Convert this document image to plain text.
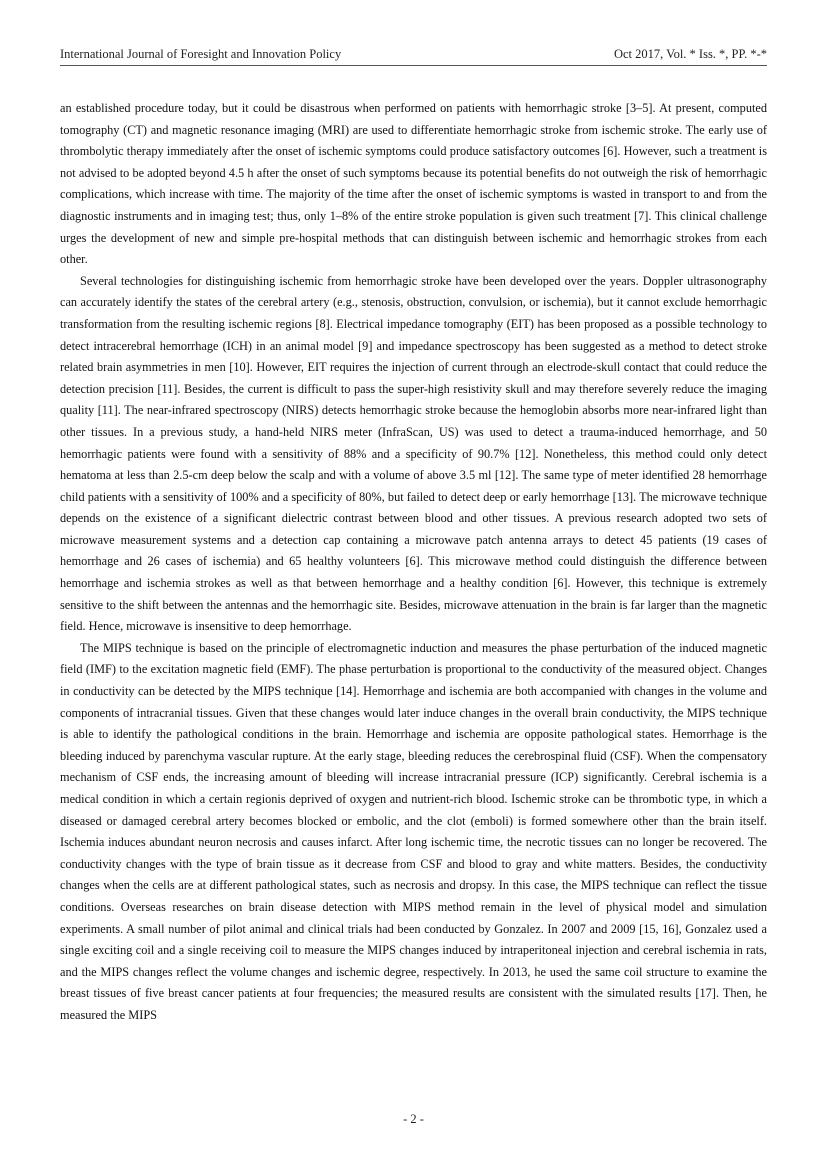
International Journal of Foresight and Innovation Policy	Oct 2017, Vol. * Iss. *, PP. *-*

an established procedure today, but it could be disastrous when performed on patients with hemorrhagic stroke [3–5]. At present, computed tomography (CT) and magnetic resonance imaging (MRI) are used to differentiate hemorrhagic stroke from ischemic stroke. The early use of thrombolytic therapy immediately after the onset of ischemic symptoms could produce satisfactory outcomes [6]. However, such a treatment is not advised to be adopted beyond 4.5 h after the onset of such symptoms because its potential benefits do not outweigh the risk of hemorrhagic complications, which increase with time. The majority of the time after the onset of ischemic symptoms is wasted in transport to and from the diagnostic instruments and in imaging test; thus, only 1–8% of the entire stroke population is given such treatment [7]. This clinical challenge urges the development of new and simple pre-hospital methods that can distinguish between ischemic and hemorrhagic strokes from each other.

Several technologies for distinguishing ischemic from hemorrhagic stroke have been developed over the years. Doppler ultrasonography can accurately identify the states of the cerebral artery (e.g., stenosis, obstruction, convulsion, or ischemia), but it cannot exclude hemorrhagic transformation from the resulting ischemic regions [8]. Electrical impedance tomography (EIT) has been proposed as a possible technology to detect intracerebral hemorrhage (ICH) in an animal model [9] and impedance spectroscopy has been suggested as a method to detect stroke related brain asymmetries in men [10]. However, EIT requires the injection of current through an electrode-skull contact that could reduce the detection precision [11]. Besides, the current is difficult to pass the super-high resistivity skull and may therefore severely reduce the imaging quality [11]. The near-infrared spectroscopy (NIRS) detects hemorrhagic stroke because the hemoglobin absorbs more near-infrared light than other tissues. In a previous study, a hand-held NIRS meter (InfraScan, US) was used to detect a trauma-induced hemorrhage, and 50 hemorrhagic patients were found with a sensitivity of 88% and a specificity of 90.7% [12]. Nonetheless, this method could only detect hematoma at less than 2.5-cm deep below the scalp and with a volume of above 3.5 ml [12]. The same type of meter identified 28 hemorrhage child patients with a sensitivity of 100% and a specificity of 80%, but failed to detect deep or early hemorrhage [13]. The microwave technique depends on the existence of a significant dielectric contrast between blood and other tissues. A previous research adopted two sets of microwave measurement systems and a detection cap containing a microwave patch antenna arrays to detect 45 patients (19 cases of hemorrhage and 26 cases of ischemia) and 65 healthy volunteers [6]. This microwave method could distinguish the difference between hemorrhage and ischemia strokes as well as that between hemorrhage and a healthy condition [6]. However, this technique is extremely sensitive to the shift between the antennas and the hemorrhagic site. Besides, microwave attenuation in the brain is far larger than the magnetic field. Hence, microwave is insensitive to deep hemorrhage.

The MIPS technique is based on the principle of electromagnetic induction and measures the phase perturbation of the induced magnetic field (IMF) to the excitation magnetic field (EMF). The phase perturbation is proportional to the conductivity of the measured object. Changes in conductivity can be detected by the MIPS technique [14]. Hemorrhage and ischemia are both accompanied with changes in the volume and components of intracranial tissues. Given that these changes would later induce changes in the overall brain conductivity, the MIPS technique is able to identify the pathological conditions in the brain. Hemorrhage and ischemia are opposite pathological states. Hemorrhage is the bleeding induced by parenchyma vascular rupture. At the early stage, bleeding reduces the cerebrospinal fluid (CSF). When the compensatory mechanism of CSF ends, the increasing amount of bleeding will increase intracranial pressure (ICP) significantly. Cerebral ischemia is a medical condition in which a certain regionis deprived of oxygen and nutrient-rich blood. Ischemic stroke can be thrombotic type, in which a diseased or damaged cerebral artery becomes blocked or embolic, and the clot (emboli) is formed somewhere other than the brain itself. Ischemia induces abundant neuron necrosis and causes infarct. After long ischemic time, the necrotic tissues can no longer be recovered. The conductivity changes with the type of brain tissue as it decrease from CSF and blood to gray and white matters. Besides, the conductivity changes when the cells are at different pathological states, such as necrosis and dropsy. In this case, the MIPS technique can reflect the tissue conditions. Overseas researches on brain disease detection with MIPS method remain in the level of physical model and simulation experiments. A small number of pilot animal and clinical trials had been conducted by Gonzalez. In 2007 and 2009 [15, 16], Gonzalez used a single exciting coil and a single receiving coil to measure the MIPS changes induced by intraperitoneal injection and cerebral ischemia in rats, and the MIPS changes reflect the volume changes and ischemic degree, respectively. In 2013, he used the same coil structure to examine the breast tissues of five breast cancer patients at four frequencies; the measured results are consistent with the simulated results [17]. Then, he measured the MIPS

- 2 -
